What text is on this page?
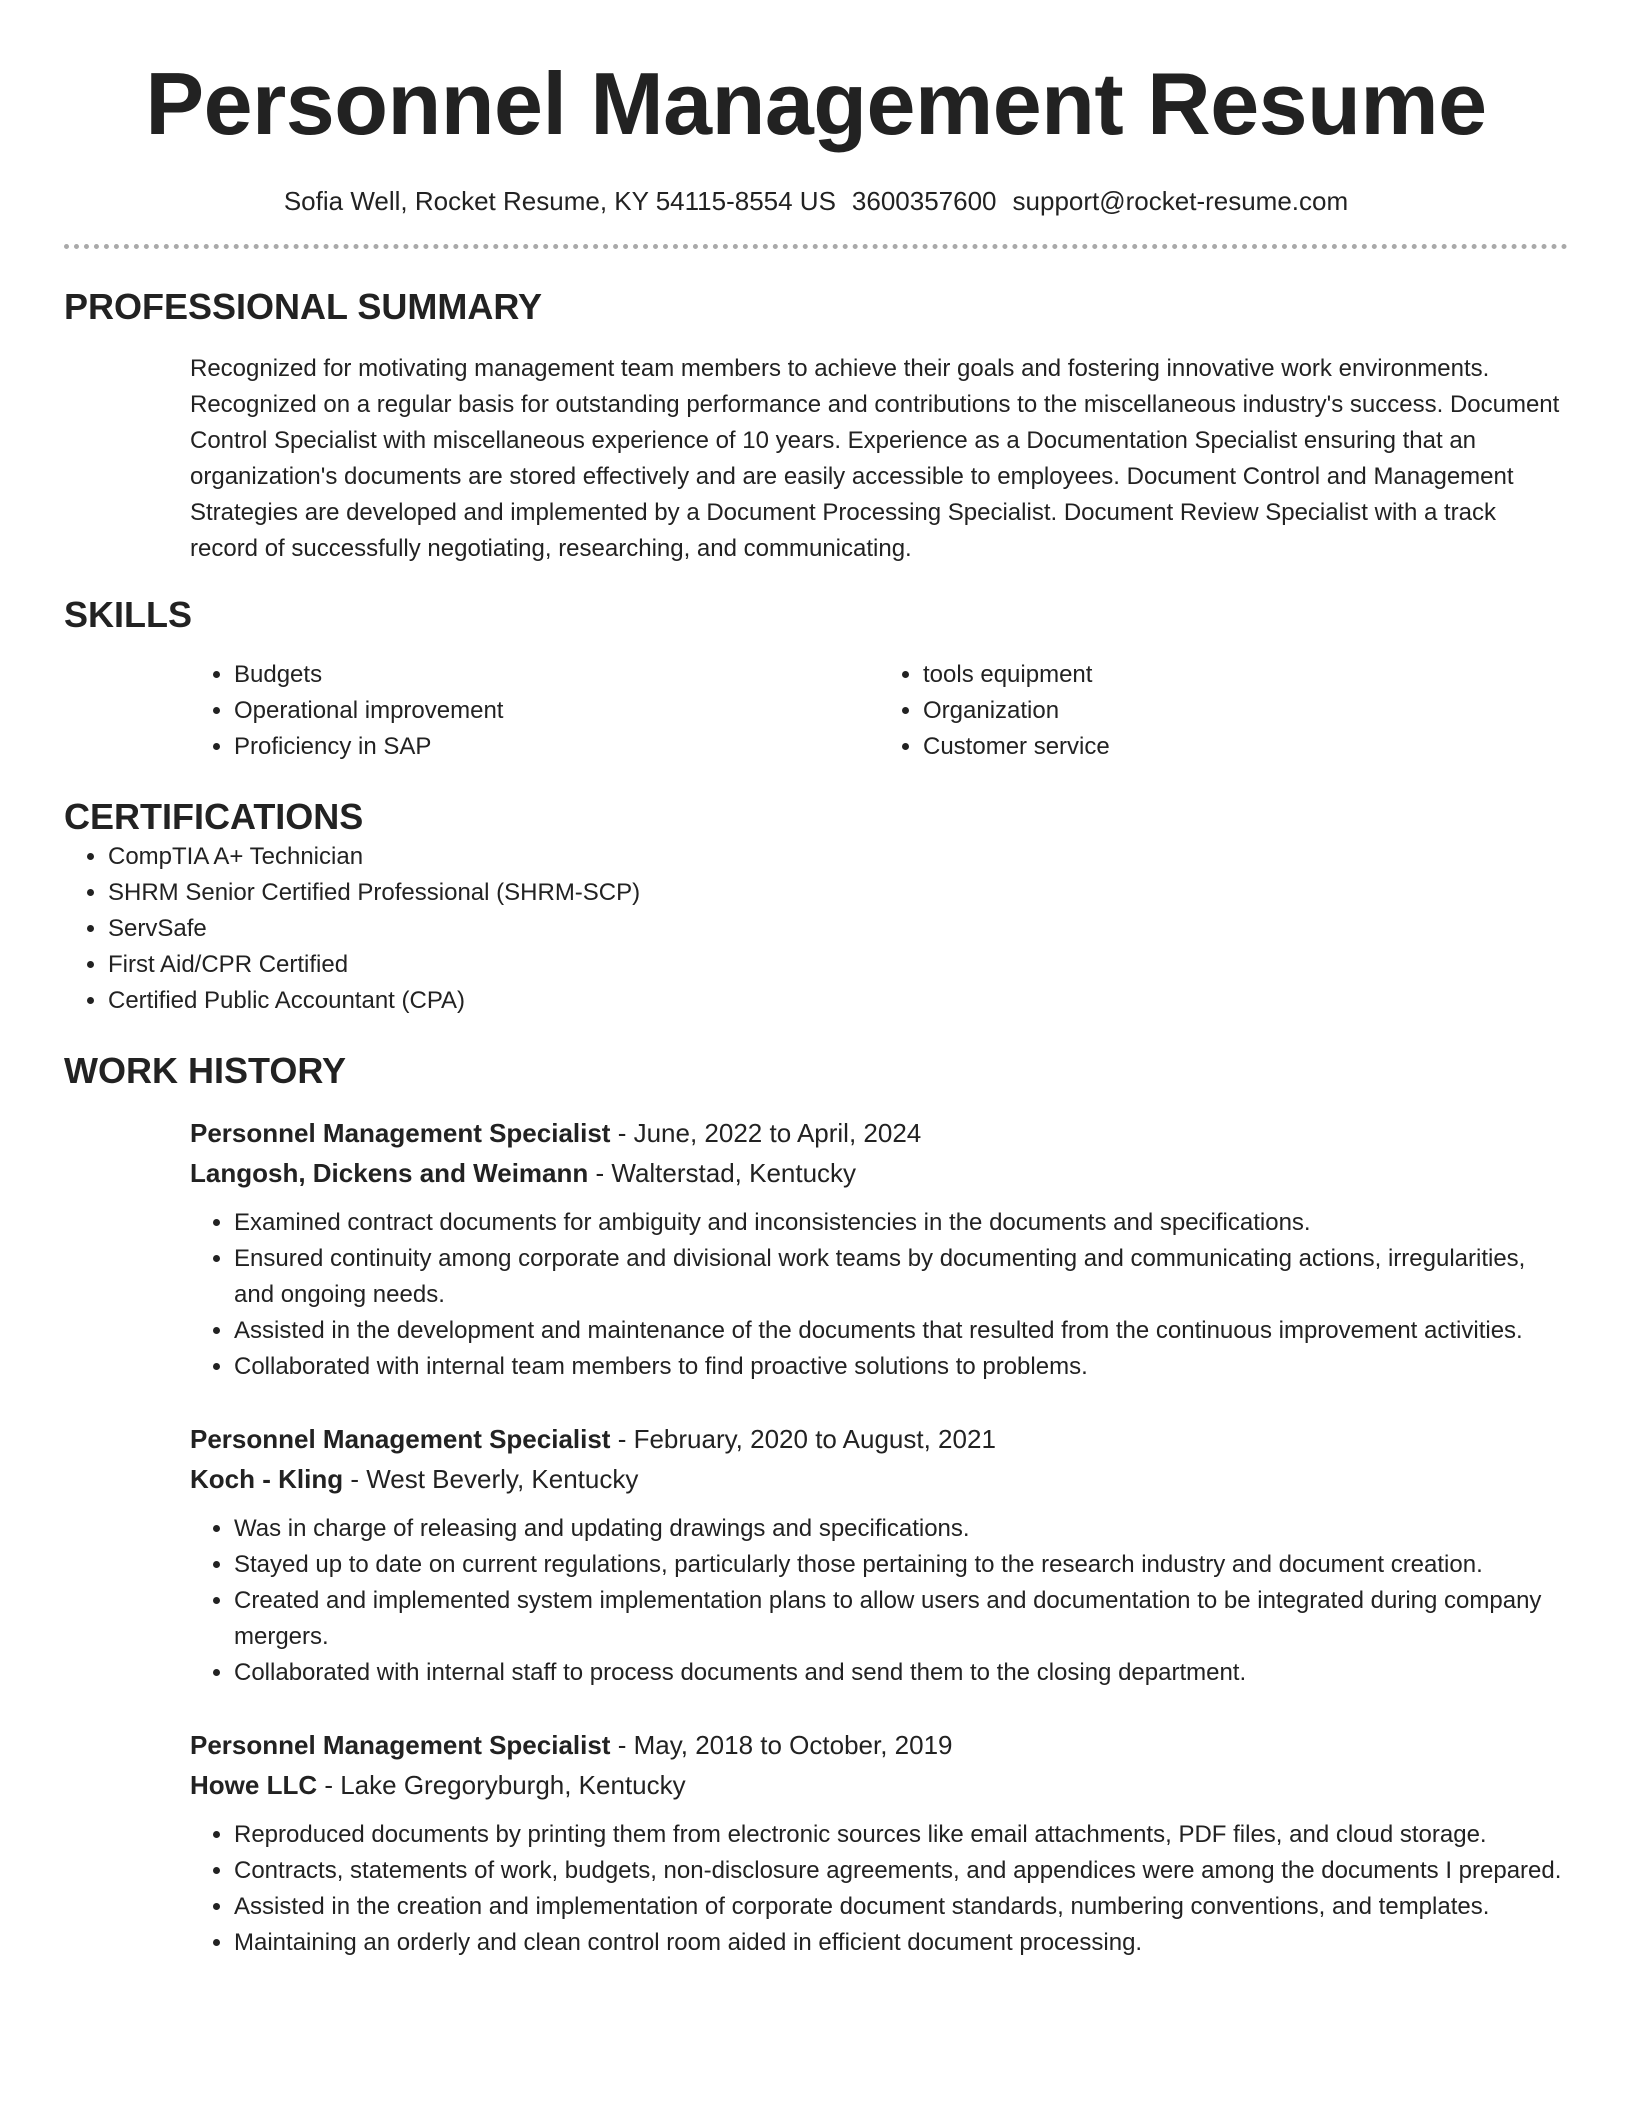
Personnel Management Resume
Sofia Well, Rocket Resume, KY 54115-8554 US 3600357600 support@rocket-resume.com
PROFESSIONAL SUMMARY

Recognized for motivating management team members to achieve their goals and fostering innovative work environments. Recognized on a regular basis for outstanding performance and contributions to the miscellaneous industry's success. Document Control Specialist with miscellaneous experience of 10 years. Experience as a Documentation Specialist ensuring that an organization's documents are stored effectively and are easily accessible to employees. Document Control and Management Strategies are developed and implemented by a Document Processing Specialist. Document Review Specialist with a track record of successfully negotiating, researching, and communicating.

SKILLS
• Budgets
• Operational improvement
• Proficiency in SAP
• tools equipment
• Organization
• Customer service
CERTIFICATIONS
• CompTIA A+ Technician
• SHRM Senior Certified Professional (SHRM-SCP)
• ServSafe
• First Aid/CPR Certified
• Certified Public Accountant (CPA)
WORK HISTORY
Personnel Management Specialist - June, 2022 to April, 2024
Langosh, Dickens and Weimann - Walterstad, Kentucky
• Examined contract documents for ambiguity and inconsistencies in the documents and specifications.
• Ensured continuity among corporate and divisional work teams by documenting and communicating actions, irregularities, and ongoing needs.
• Assisted in the development and maintenance of the documents that resulted from the continuous improvement activities.
• Collaborated with internal team members to find proactive solutions to problems.
Personnel Management Specialist - February, 2020 to August, 2021
Koch - Kling - West Beverly, Kentucky
• Was in charge of releasing and updating drawings and specifications.
• Stayed up to date on current regulations, particularly those pertaining to the research industry and document creation.
• Created and implemented system implementation plans to allow users and documentation to be integrated during company mergers.
• Collaborated with internal staff to process documents and send them to the closing department.
Personnel Management Specialist - May, 2018 to October, 2019
Howe LLC - Lake Gregoryburgh, Kentucky
• Reproduced documents by printing them from electronic sources like email attachments, PDF files, and cloud storage.
• Contracts, statements of work, budgets, non-disclosure agreements, and appendices were among the documents I prepared.
• Assisted in the creation and implementation of corporate document standards, numbering conventions, and templates.
• Maintaining an orderly and clean control room aided in efficient document processing.
